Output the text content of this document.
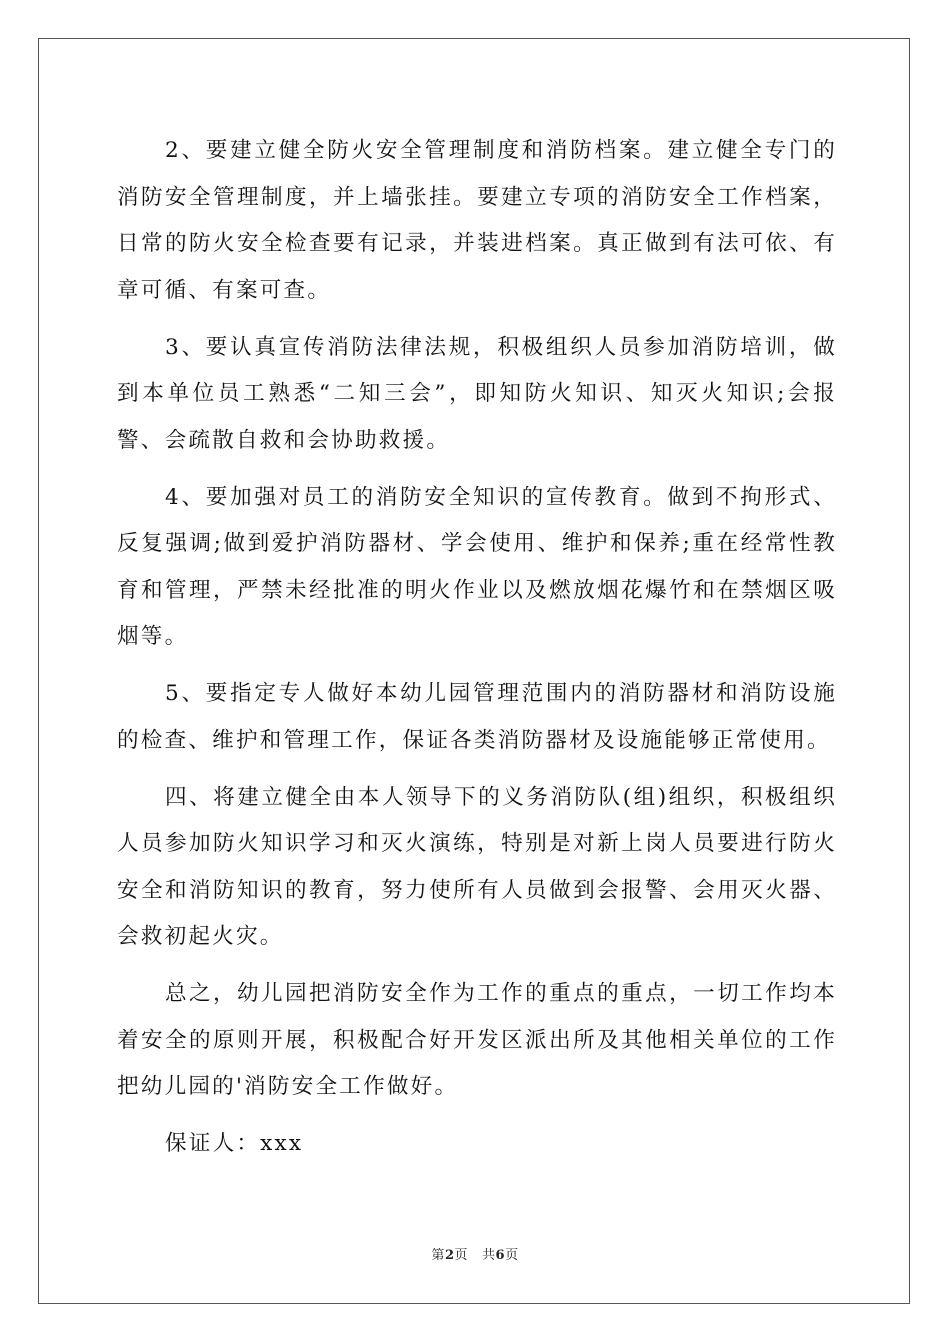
2、要建立健全防火安全管理制度和消防档案。建立健全专门的消防安全管理制度，并上墙张挂。要建立专项的消防安全工作档案，日常的防火安全检查要有记录，并装进档案。真正做到有法可依、有章可循、有案可查。

3、要认真宣传消防法律法规，积极组织人员参加消防培训，做到本单位员工熟悉“二知三会”，即知防火知识、知灭火知识;会报警、会疏散自救和会协助救援。

4、要加强对员工的消防安全知识的宣传教育。做到不拘形式、反复强调;做到爱护消防器材、学会使用、维护和保养;重在经常性教育和管理，严禁未经批准的明火作业以及燃放烟花爆竹和在禁烟区吸烟等。

5、要指定专人做好本幼儿园管理范围内的消防器材和消防设施的检查、维护和管理工作，保证各类消防器材及设施能够正常使用。

四、将建立健全由本人领导下的义务消防队(组)组织，积极组织人员参加防火知识学习和灭火演练，特别是对新上岗人员要进行防火安全和消防知识的教育，努力使所有人员做到会报警、会用灭火器、会救初起火灾。

总之，幼儿园把消防安全作为工作的重点的重点，一切工作均本着安全的原则开展，积极配合好开发区派出所及其他相关单位的工作把幼儿园的'消防安全工作做好。

保证人：xxx

第2页 共6页
